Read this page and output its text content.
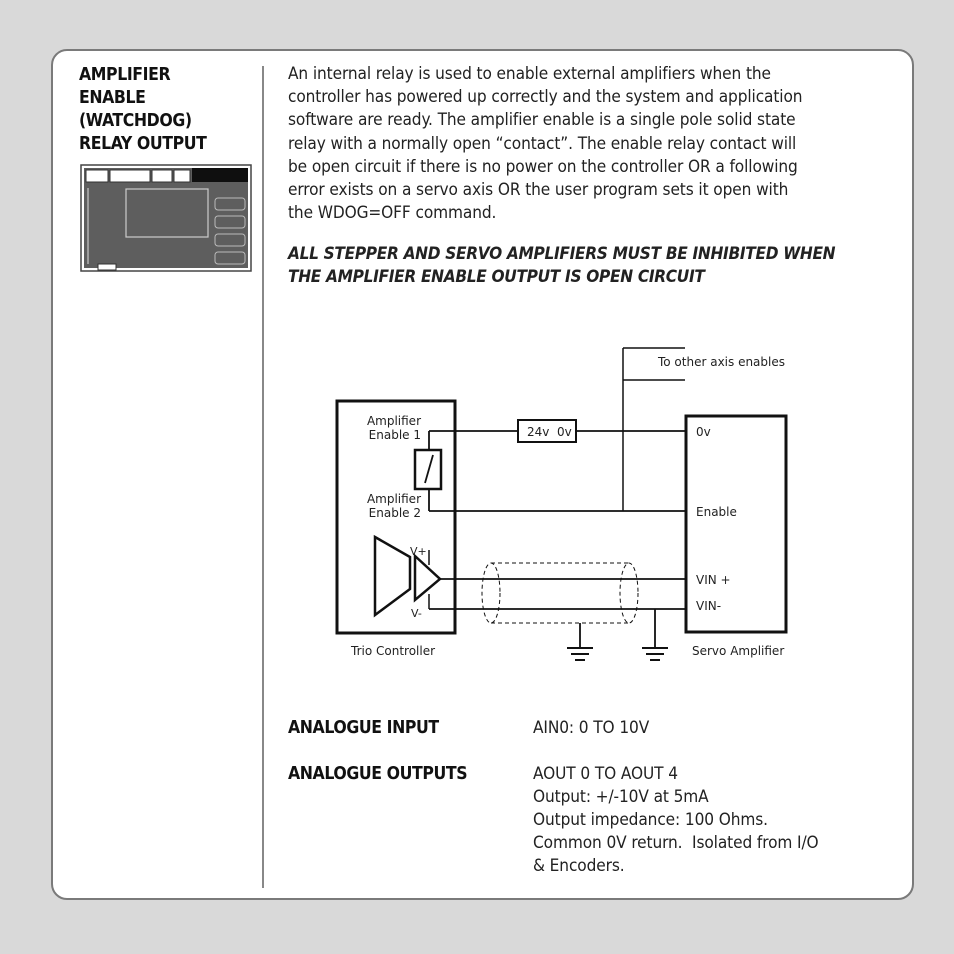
AMPLIFIER
ENABLE
(WATCHDOG)
RELAY OUTPUT
An internal relay is used to enable external amplifiers when the
controller has powered up correctly and the system and application
software are ready. The amplifier enable is a single pole solid state
relay with a normally open “contact”. The enable relay contact will
be open circuit if there is no power on the controller OR a following
error exists on a servo axis OR the user program sets it open with
the WDOG=OFF command.
ALL STEPPER AND SERVO AMPLIFIERS MUST BE INHIBITED WHEN
THE AMPLIFIER ENABLE OUTPUT IS OPEN CIRCUIT
To other axis enables
Amplifier
Enable 1
Amplifier
Enable 2
24v  0v
V+
V-
Trio Controller
0v
Enable
VIN +
VIN-
Servo Amplifier
ANALOGUE INPUT	AIN0: 0 TO 10V
ANALOGUE OUTPUTS	AOUT 0 TO AOUT 4
Output: +/-10V at 5mA
Output impedance: 100 Ohms.
Common 0V return.  Isolated from I/O
& Encoders.
